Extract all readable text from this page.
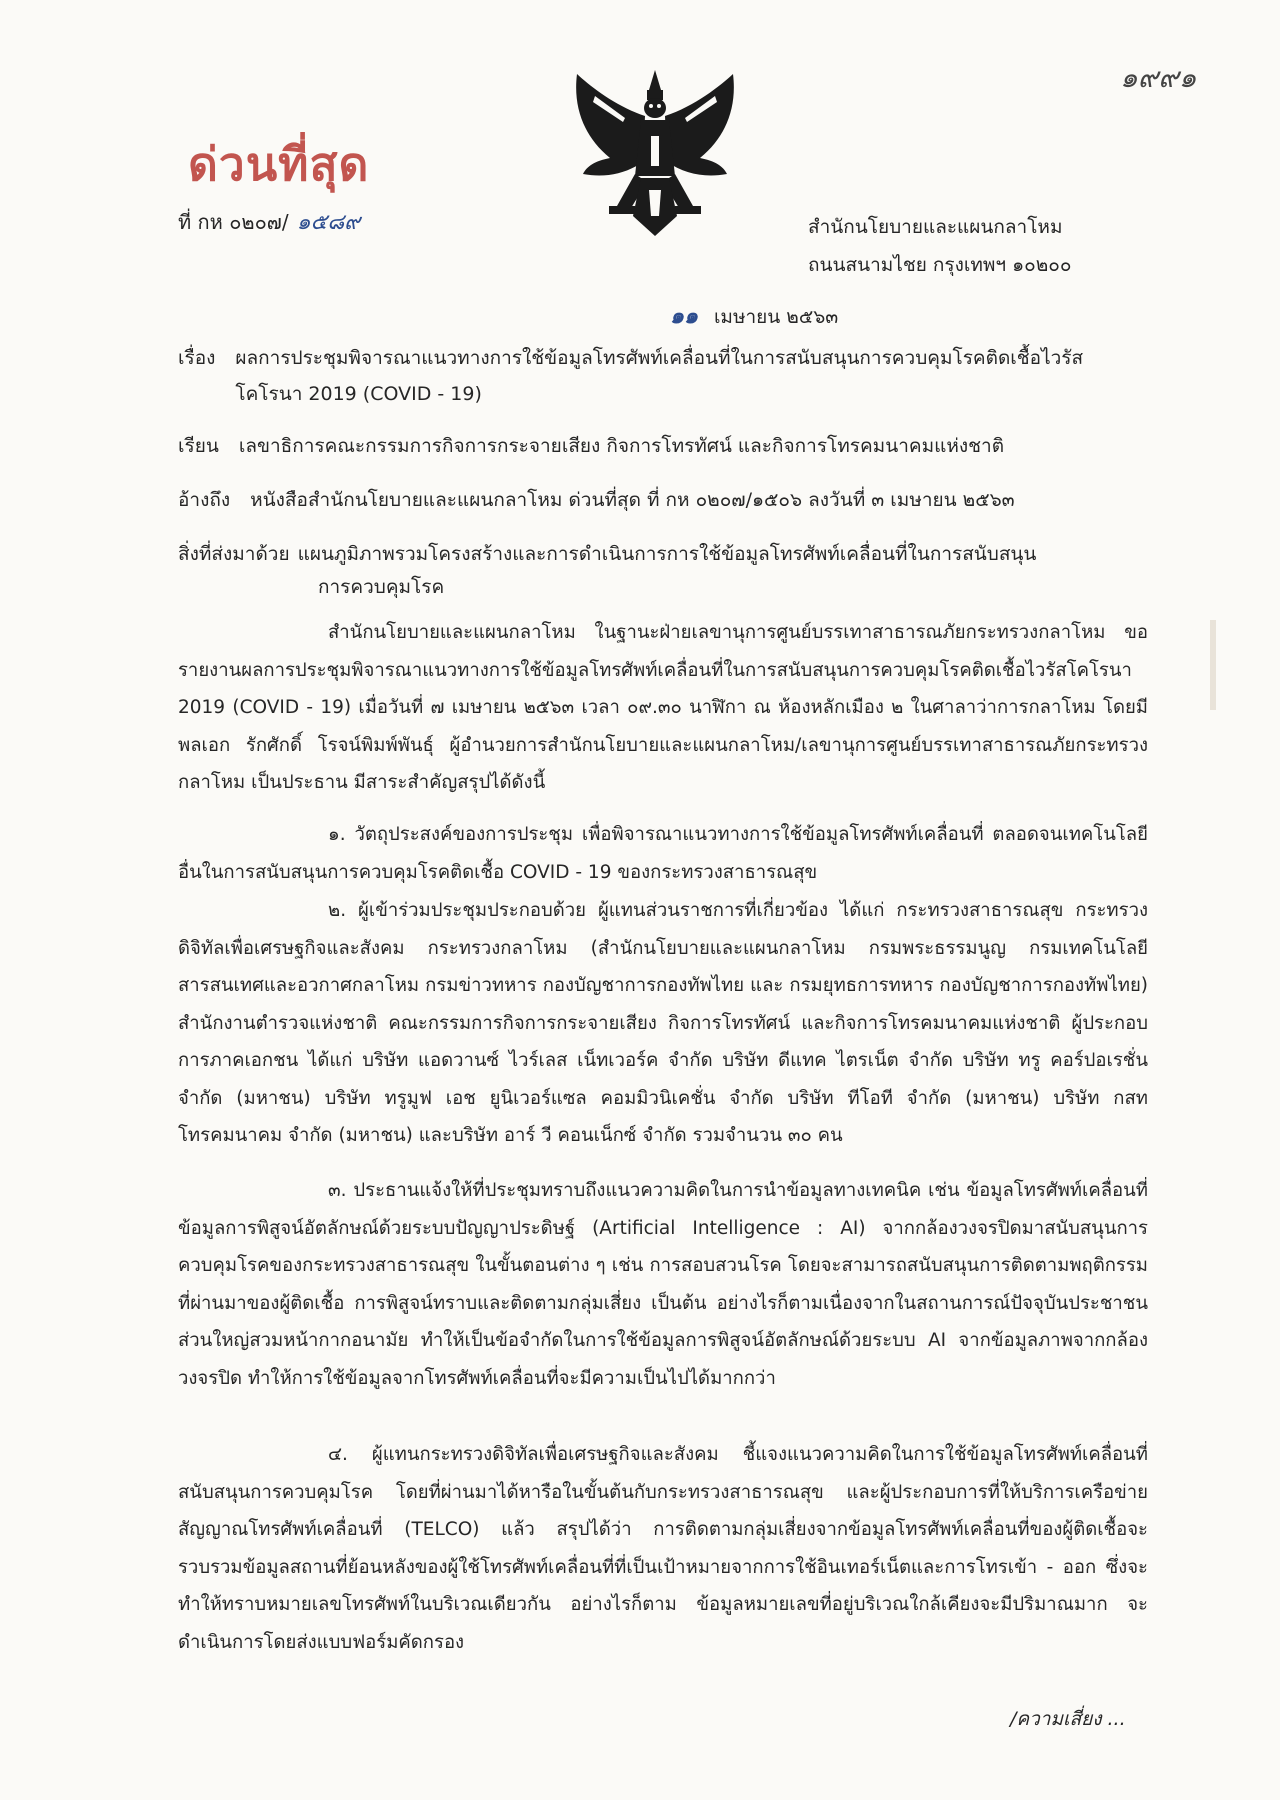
ด่วนที่สุด
๑๙๙๑
ที่ กห ๐๒๐๗/ ๑๕๘๙	สำนักนโยบายและแผนกลาโหม
ถนนสนามไชย กรุงเทพฯ ๑๐๒๐๐
๑๑ เมษายน ๒๕๖๓
เรื่อง ผลการประชุมพิจารณาแนวทางการใช้ข้อมูลโทรศัพท์เคลื่อนที่ในการสนับสนุนการควบคุมโรคติดเชื้อไวรัสโคโรนา 2019 (COVID - 19)
เรียน เลขาธิการคณะกรรมการกิจการกระจายเสียง กิจการโทรทัศน์ และกิจการโทรคมนาคมแห่งชาติ
อ้างถึง หนังสือสำนักนโยบายและแผนกลาโหม ด่วนที่สุด ที่ กห ๐๒๐๗/๑๕๐๖ ลงวันที่ ๓ เมษายน ๒๕๖๓
สิ่งที่ส่งมาด้วย แผนภูมิภาพรวมโครงสร้างและการดำเนินการการใช้ข้อมูลโทรศัพท์เคลื่อนที่ในการสนับสนุน
การควบคุมโรค
สำนักนโยบายและแผนกลาโหม ในฐานะฝ่ายเลขานุการศูนย์บรรเทาสาธารณภัยกระทรวงกลาโหม ขอรายงานผลการประชุมพิจารณาแนวทางการใช้ข้อมูลโทรศัพท์เคลื่อนที่ในการสนับสนุนการควบคุมโรคติดเชื้อไวรัสโคโรนา 2019 (COVID - 19) เมื่อวันที่ ๗ เมษายน ๒๕๖๓ เวลา ๐๙.๓๐ นาฬิกา ณ ห้องหลักเมือง ๒ ในศาลาว่าการกลาโหม โดยมี พลเอก รักศักดิ์ โรจน์พิมพ์พันธุ์ ผู้อำนวยการสำนักนโยบายและแผนกลาโหม/เลขานุการศูนย์บรรเทาสาธารณภัยกระทรวงกลาโหม เป็นประธาน มีสาระสำคัญสรุปได้ดังนี้
๑. วัตถุประสงค์ของการประชุม เพื่อพิจารณาแนวทางการใช้ข้อมูลโทรศัพท์เคลื่อนที่ ตลอดจนเทคโนโลยีอื่นในการสนับสนุนการควบคุมโรคติดเชื้อ COVID - 19 ของกระทรวงสาธารณสุข
๒. ผู้เข้าร่วมประชุมประกอบด้วย ผู้แทนส่วนราชการที่เกี่ยวข้อง ได้แก่ กระทรวงสาธารณสุข กระทรวงดิจิทัลเพื่อเศรษฐกิจและสังคม กระทรวงกลาโหม (สำนักนโยบายและแผนกลาโหม กรมพระธรรมนูญ กรมเทคโนโลยีสารสนเทศและอวกาศกลาโหม กรมข่าวทหาร กองบัญชาการกองทัพไทย และ กรมยุทธการทหาร กองบัญชาการกองทัพไทย) สำนักงานตำรวจแห่งชาติ คณะกรรมการกิจการกระจายเสียง กิจการโทรทัศน์ และกิจการโทรคมนาคมแห่งชาติ ผู้ประกอบการภาคเอกชน ได้แก่ บริษัท แอดวานซ์ ไวร์เลส เน็ทเวอร์ค จำกัด บริษัท ดีแทค ไตรเน็ต จำกัด บริษัท ทรู คอร์ปอเรชั่น จำกัด (มหาชน) บริษัท ทรูมูฟ เอช ยูนิเวอร์แซล คอมมิวนิเคชั่น จำกัด บริษัท ทีโอที จำกัด (มหาชน) บริษัท กสท โทรคมนาคม จำกัด (มหาชน) และบริษัท อาร์ วี คอนเน็กซ์ จำกัด รวมจำนวน ๓๐ คน
๓. ประธานแจ้งให้ที่ประชุมทราบถึงแนวความคิดในการนำข้อมูลทางเทคนิค เช่น ข้อมูลโทรศัพท์เคลื่อนที่ ข้อมูลการพิสูจน์อัตลักษณ์ด้วยระบบปัญญาประดิษฐ์ (Artificial Intelligence : AI) จากกล้องวงจรปิดมาสนับสนุนการควบคุมโรคของกระทรวงสาธารณสุข ในขั้นตอนต่าง ๆ เช่น การสอบสวนโรค โดยจะสามารถสนับสนุนการติดตามพฤติกรรมที่ผ่านมาของผู้ติดเชื้อ การพิสูจน์ทราบและติดตามกลุ่มเสี่ยง เป็นต้น อย่างไรก็ตามเนื่องจากในสถานการณ์ปัจจุบันประชาชนส่วนใหญ่สวมหน้ากากอนามัย ทำให้เป็นข้อจำกัดในการใช้ข้อมูลการพิสูจน์อัตลักษณ์ด้วยระบบ AI จากข้อมูลภาพจากกล้องวงจรปิด ทำให้การใช้ข้อมูลจากโทรศัพท์เคลื่อนที่จะมีความเป็นไปได้มากกว่า
๔. ผู้แทนกระทรวงดิจิทัลเพื่อเศรษฐกิจและสังคม ชี้แจงแนวความคิดในการใช้ข้อมูลโทรศัพท์เคลื่อนที่สนับสนุนการควบคุมโรค โดยที่ผ่านมาได้หารือในขั้นต้นกับกระทรวงสาธารณสุข และผู้ประกอบการที่ให้บริการเครือข่ายสัญญาณโทรศัพท์เคลื่อนที่ (TELCO) แล้ว สรุปได้ว่า การติดตามกลุ่มเสี่ยงจากข้อมูลโทรศัพท์เคลื่อนที่ของผู้ติดเชื้อจะรวบรวมข้อมูลสถานที่ย้อนหลังของผู้ใช้โทรศัพท์เคลื่อนที่ที่เป็นเป้าหมายจากการใช้อินเทอร์เน็ตและการโทรเข้า - ออก ซึ่งจะทำให้ทราบหมายเลขโทรศัพท์ในบริเวณเดียวกัน อย่างไรก็ตาม ข้อมูลหมายเลขที่อยู่บริเวณใกล้เคียงจะมีปริมาณมาก จะดำเนินการโดยส่งแบบฟอร์มคัดกรอง
/ความเสี่ยง ...
